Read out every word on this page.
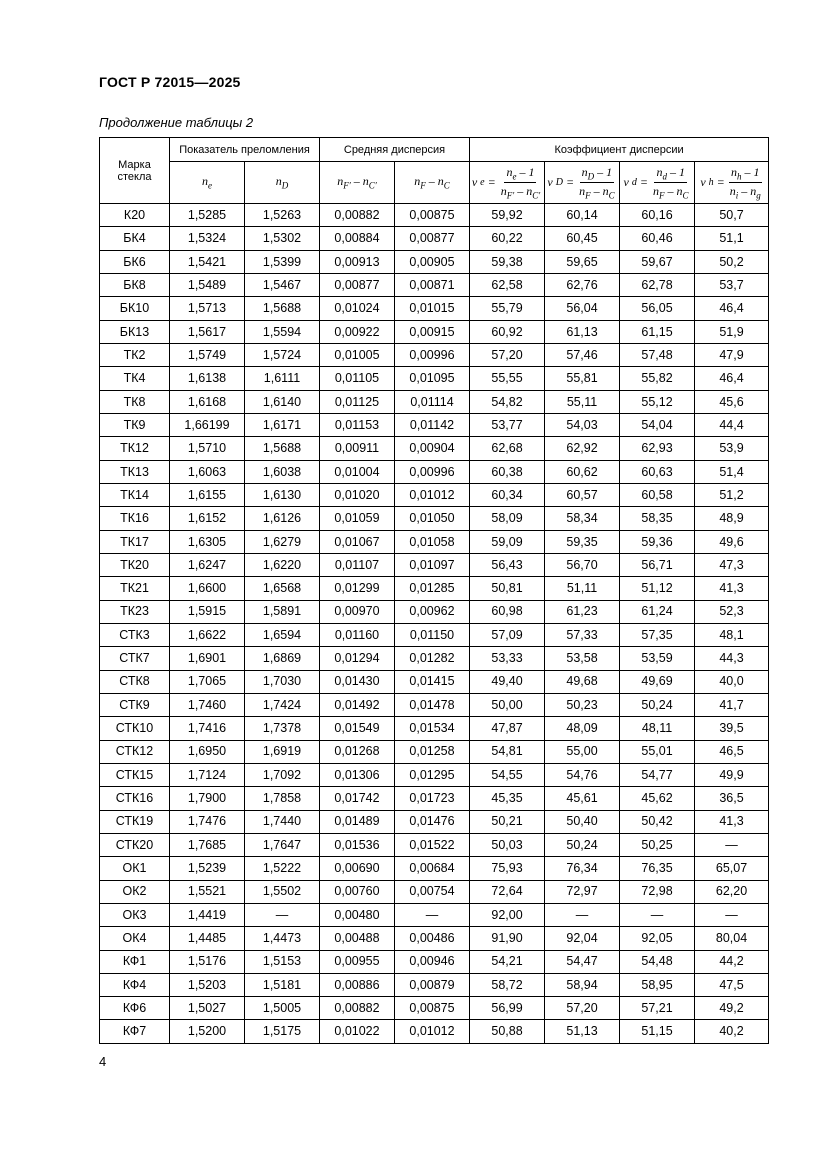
ГОСТ Р 72015—2025
Продолжение таблицы 2
Марка стекла	Показатель преломления		Средняя дисперсия		Коэффициент дисперсии			
	$n_e$	$n_D$	$n_{F'} - n_{C'}$	$n_F - n_C$	ν $e = \frac{n_e - 1}{n_{F'} - n_{C'}}$	ν $D = \frac{n_D - 1}{n_F - n_C}$	ν $d = \frac{n_d - 1}{n_F - n_C}$	ν $h = \frac{n_h - 1}{n_i - n_g}$

К20	1,5285	1,5263	0,00882	0,00875	59,92	60,14	60,16	50,7
БК4	1,5324	1,5302	0,00884	0,00877	60,22	60,45	60,46	51,1
БК6	1,5421	1,5399	0,00913	0,00905	59,38	59,65	59,67	50,2
БК8	1,5489	1,5467	0,00877	0,00871	62,58	62,76	62,78	53,7
БК10	1,5713	1,5688	0,01024	0,01015	55,79	56,04	56,05	46,4
БК13	1,5617	1,5594	0,00922	0,00915	60,92	61,13	61,15	51,9
ТК2	1,5749	1,5724	0,01005	0,00996	57,20	57,46	57,48	47,9
ТК4	1,6138	1,6111	0,01105	0,01095	55,55	55,81	55,82	46,4
ТК8	1,6168	1,6140	0,01125	0,01114	54,82	55,11	55,12	45,6
ТК9	1,66199	1,6171	0,01153	0,01142	53,77	54,03	54,04	44,4
ТК12	1,5710	1,5688	0,00911	0,00904	62,68	62,92	62,93	53,9
ТК13	1,6063	1,6038	0,01004	0,00996	60,38	60,62	60,63	51,4
ТК14	1,6155	1,6130	0,01020	0,01012	60,34	60,57	60,58	51,2
ТК16	1,6152	1,6126	0,01059	0,01050	58,09	58,34	58,35	48,9
ТК17	1,6305	1,6279	0,01067	0,01058	59,09	59,35	59,36	49,6
ТК20	1,6247	1,6220	0,01107	0,01097	56,43	56,70	56,71	47,3
ТК21	1,6600	1,6568	0,01299	0,01285	50,81	51,11	51,12	41,3
ТК23	1,5915	1,5891	0,00970	0,00962	60,98	61,23	61,24	52,3
СТК3	1,6622	1,6594	0,01160	0,01150	57,09	57,33	57,35	48,1
СТК7	1,6901	1,6869	0,01294	0,01282	53,33	53,58	53,59	44,3
СТК8	1,7065	1,7030	0,01430	0,01415	49,40	49,68	49,69	40,0
СТК9	1,7460	1,7424	0,01492	0,01478	50,00	50,23	50,24	41,7
СТК10	1,7416	1,7378	0,01549	0,01534	47,87	48,09	48,11	39,5
СТК12	1,6950	1,6919	0,01268	0,01258	54,81	55,00	55,01	46,5
СТК15	1,7124	1,7092	0,01306	0,01295	54,55	54,76	54,77	49,9
СТК16	1,7900	1,7858	0,01742	0,01723	45,35	45,61	45,62	36,5
СТК19	1,7476	1,7440	0,01489	0,01476	50,21	50,40	50,42	41,3
СТК20	1,7685	1,7647	0,01536	0,01522	50,03	50,24	50,25	—
ОК1	1,5239	1,5222	0,00690	0,00684	75,93	76,34	76,35	65,07
ОК2	1,5521	1,5502	0,00760	0,00754	72,64	72,97	72,98	62,20
ОК3	1,4419	—	0,00480	—	92,00	—	—	—
ОК4	1,4485	1,4473	0,00488	0,00486	91,90	92,04	92,05	80,04
КФ1	1,5176	1,5153	0,00955	0,00946	54,21	54,47	54,48	44,2
КФ4	1,5203	1,5181	0,00886	0,00879	58,72	58,94	58,95	47,5
КФ6	1,5027	1,5005	0,00882	0,00875	56,99	57,20	57,21	49,2
КФ7	1,5200	1,5175	0,01022	0,01012	50,88	51,13	51,15	40,2
4
